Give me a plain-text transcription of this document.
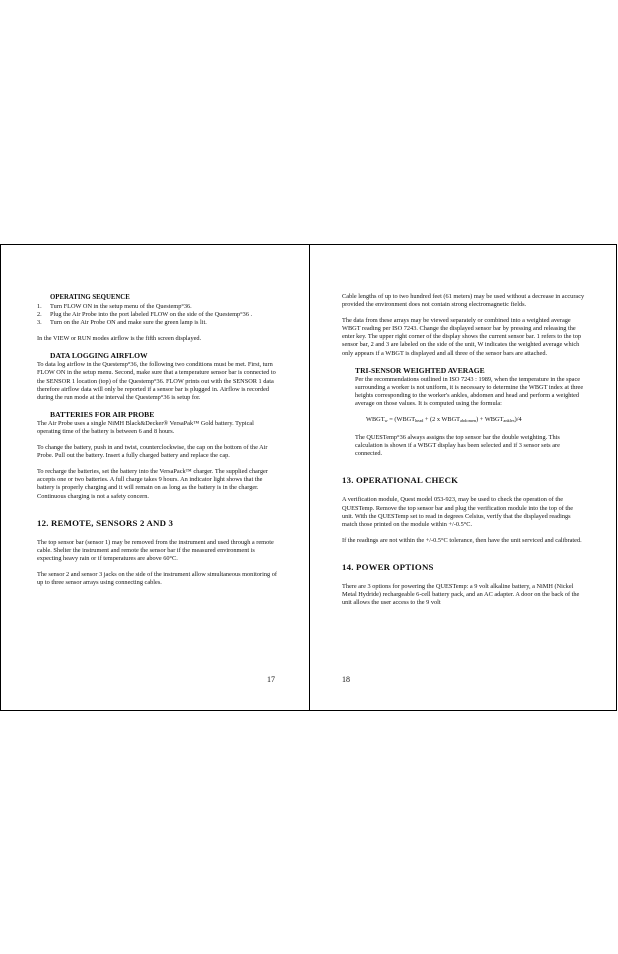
OPERATING SEQUENCE
1.	Turn FLOW ON in the setup menu of the Questemp°36.
2.	Plug the Air Probe into the port labeled FLOW on the side of the Questemp°36 .
3.	Turn on the Air Probe ON and make sure the green lamp is lit.

In the VIEW or RUN modes airflow is the fifth screen displayed.

DATA LOGGING AIRFLOW

To data log airflow in the Questemp°36, the following two conditions must be met. First, turn FLOW ON in the setup menu. Second, make sure that a temperature sensor bar is connected to the SENSOR 1 location (top) of the Questemp°36. FLOW prints out with the SENSOR 1 data therefore airflow data will only be reported if a sensor bar is plugged in. Airflow is recorded during the run mode at the interval the Questemp°36 is setup for.

BATTERIES FOR AIR PROBE

The Air Probe uses a single NiMH Black&Decker® VersaPak™ Gold battery. Typical operating time of the battery is between 6 and 8 hours.

To change the battery, push in and twist, counterclockwise, the cap on the bottom of the Air Probe. Pull out the battery. Insert a fully charged battery and replace the cap.

To recharge the batteries, set the battery into the VersaPack™ charger. The supplied charger accepts one or two batteries. A full charge takes 9 hours. An indicator light shows that the battery is properly charging and it will remain on as long as the battery is in the charger. Continuous charging is not a safety concern.

12. REMOTE, SENSORS 2 AND 3

The top sensor bar (sensor 1) may be removed from the instrument and used through a remote cable. Shelter the instrument and remote the sensor bar if the measured environment is expecting heavy rain or if temperatures are above 60°C.

The sensor 2 and sensor 3 jacks on the side of the instrument allow simultaneous monitoring of up to three sensor arrays using connecting cables.

17

Cable lengths of up to two hundred feet (61 meters) may be used without a decrease in accuracy provided the environment does not contain strong electromagnetic fields.

The data from these arrays may be viewed separately or combined into a weighted average WBGT reading per ISO 7243. Change the displayed sensor bar by pressing and releasing the enter key. The upper right corner of the display shows the current sensor bar. 1 refers to the top sensor bar, 2 and 3 are labeled on the side of the unit, W indicates the weighted average which only appears if a WBGT is displayed and all three of the sensor bars are attached.

TRI-SENSOR WEIGHTED AVERAGE

Per the recommendations outlined in ISO 7243 : 1989, when the temperature in the space surrounding a worker is not uniform, it is necessary to determine the WBGT index at three heights corresponding to the worker's ankles, abdomen and head and perform a weighted average on those values. It is computed using the formula:

$WBGT_w$ = ($WBGT_{head} + (2$ x $WBGT_{abdomen}$) + $WBGT_{ankles})/4$

The QUESTemp°36 always assigns the top sensor bar the double weighting. This calculation is shown if a WBGT display has been selected and if 3 sensor sets are connected.

13. OPERATIONAL CHECK

A verification module, Quest model 053-923, may be used to check the operation of the QUESTemp. Remove the top sensor bar and plug the verification module into the top of the unit. With the QUESTemp set to read in degrees Celsius, verify that the displayed readings match those printed on the module within +/-0.5°C.

If the readings are not within the +/-0.5°C tolerance, then have the unit serviced and calibrated.

14. POWER OPTIONS

There are 3 options for powering the QUESTemp: a 9 volt alkaline battery, a NiMH (Nickel Metal Hydride) rechargeable 6-cell battery pack, and an AC adapter. A door on the back of the unit allows the user access to the 9 volt

18
